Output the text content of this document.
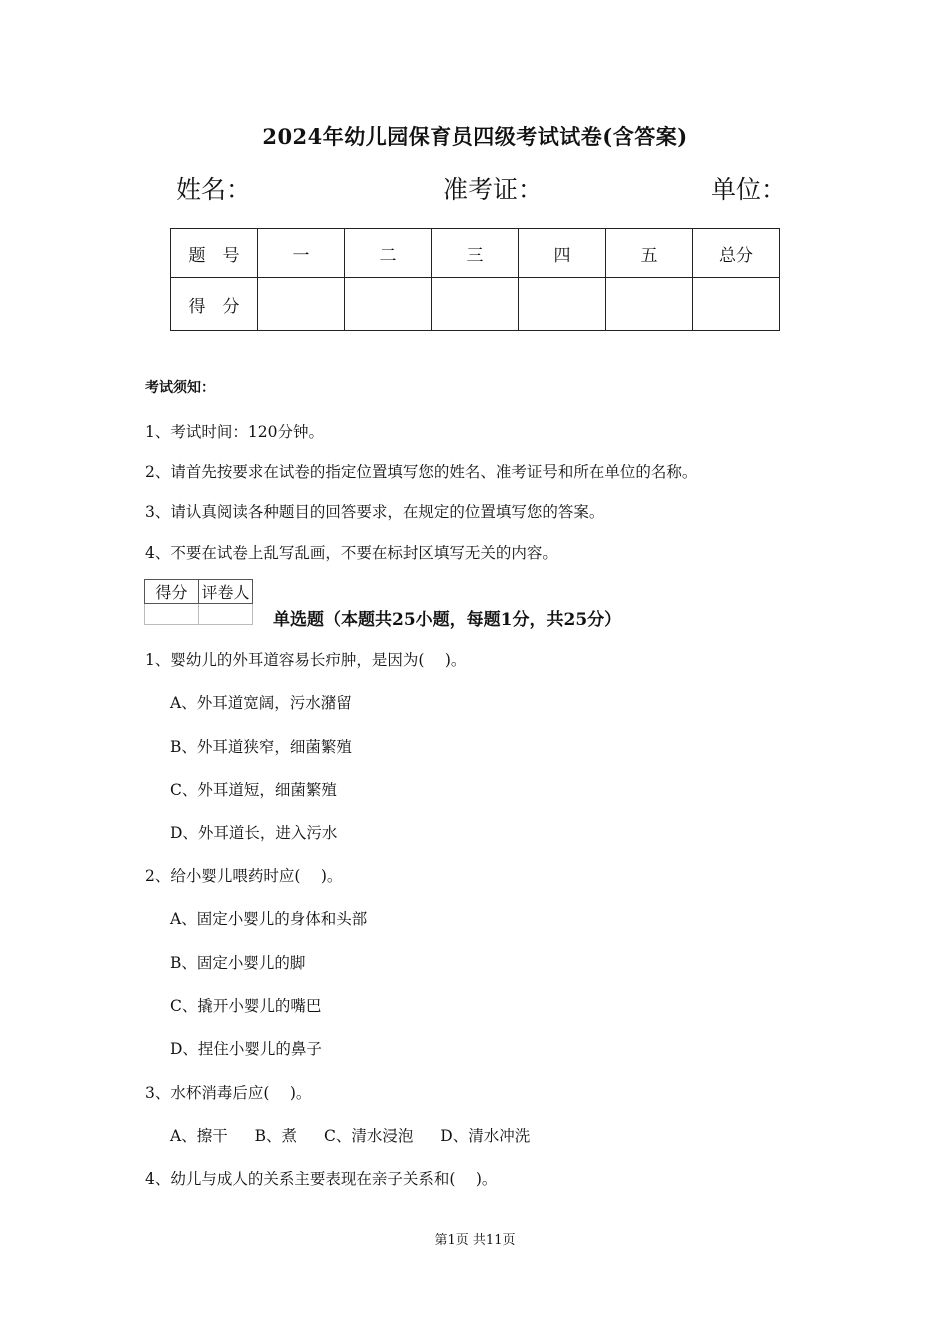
2024年幼儿园保育员四级考试试卷(含答案)
姓名：	准考证：	单位：
题　号	一	二	三	四	五	总分
得　分						
考试须知：
1、考试时间：120分钟。
2、请首先按要求在试卷的指定位置填写您的姓名、准考证号和所在单位的名称。
3、请认真阅读各种题目的回答要求，在规定的位置填写您的答案。
4、不要在试卷上乱写乱画，不要在标封区填写无关的内容。
得分	评卷人

单选题（本题共25小题，每题1分，共25分）
1、婴幼儿的外耳道容易长疖肿，是因为(　 )。
A、外耳道宽阔，污水潴留
B、外耳道狭窄，细菌繁殖
C、外耳道短，细菌繁殖
D、外耳道长，进入污水
2、给小婴儿喂药时应(　 )。
A、固定小婴儿的身体和头部
B、固定小婴儿的脚
C、撬开小婴儿的嘴巴
D、捏住小婴儿的鼻子
3、水杯消毒后应(　 )。
A、擦干 B、煮 C、清水浸泡 D、清水冲洗
4、幼儿与成人的关系主要表现在亲子关系和(　 )。
第1页 共11页
